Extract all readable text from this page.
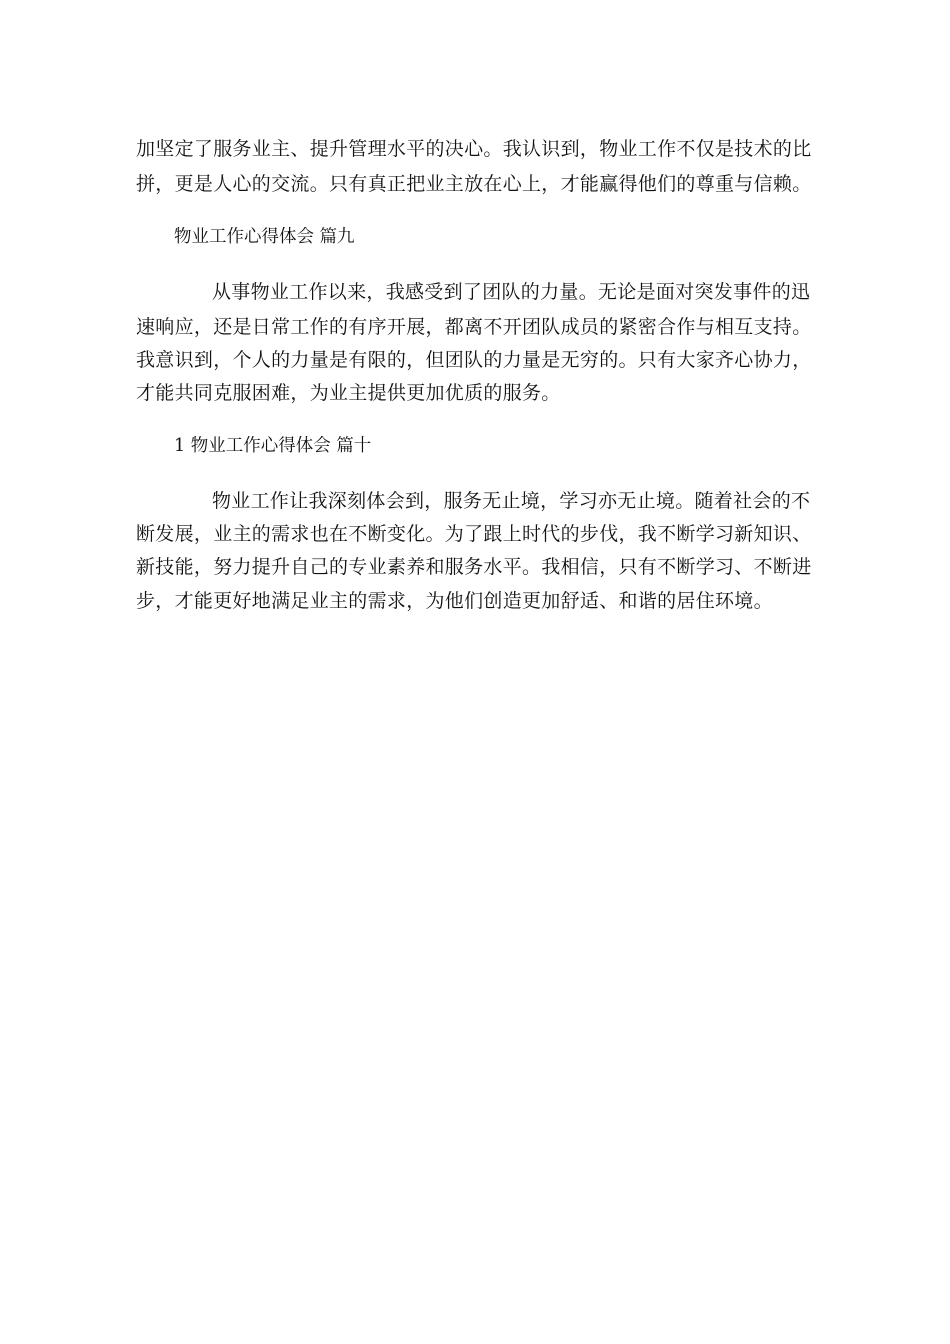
加坚定了服务业主、提升管理水平的决心。我认识到，物业工作不仅是技术的比
拼，更是人心的交流。只有真正把业主放在心上，才能赢得他们的尊重与信赖。
物业工作心得体会 篇九
从事物业工作以来，我感受到了团队的力量。无论是面对突发事件的迅
速响应，还是日常工作的有序开展，都离不开团队成员的紧密合作与相互支持。
我意识到，个人的力量是有限的，但团队的力量是无穷的。只有大家齐心协力，
才能共同克服困难，为业主提供更加优质的服务。
1 物业工作心得体会 篇十
物业工作让我深刻体会到，服务无止境，学习亦无止境。随着社会的不
断发展，业主的需求也在不断变化。为了跟上时代的步伐，我不断学习新知识、
新技能，努力提升自己的专业素养和服务水平。我相信，只有不断学习、不断进
步，才能更好地满足业主的需求，为他们创造更加舒适、和谐的居住环境。
